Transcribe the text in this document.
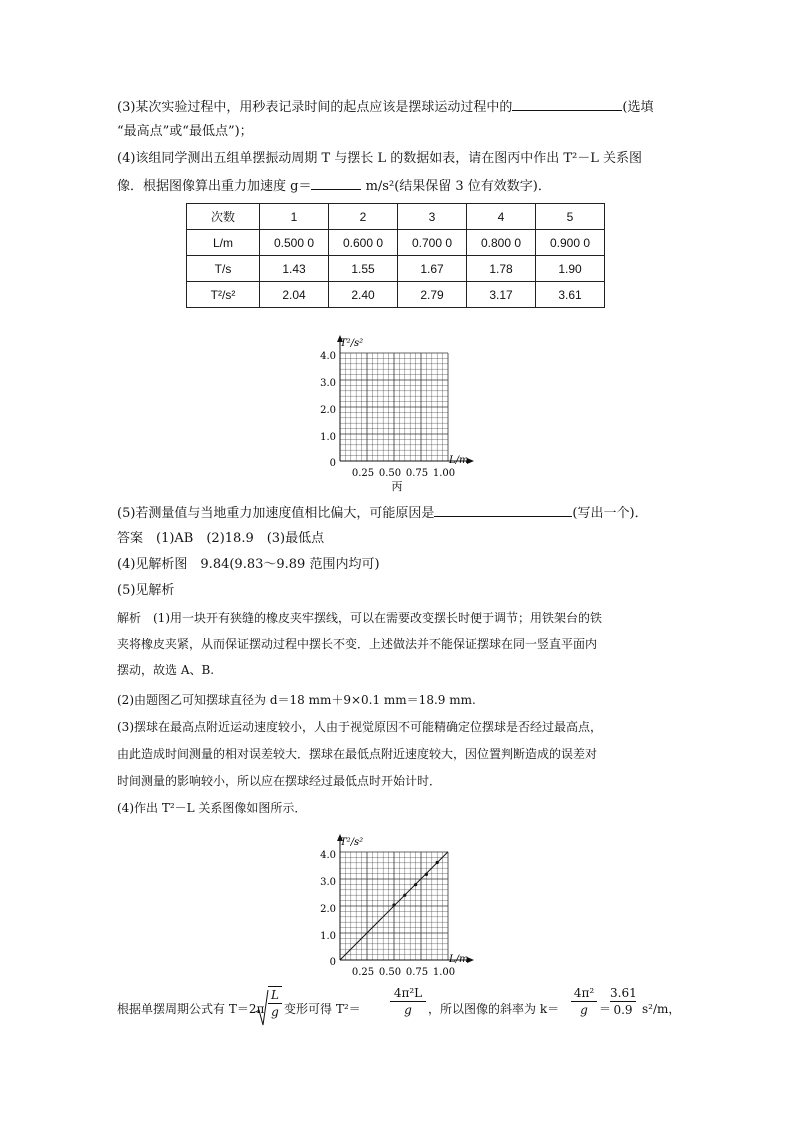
(3)某次实验过程中，用秒表记录时间的起点应该是摆球运动过程中的	(选填
“最高点”或“最低点”)；
(4)该组同学测出五组单摆振动周期 T 与摆长 L 的数据如表，请在图丙中作出 T²－L 关系图
像．根据图像算出重力加速度 g＝	m/s²(结果保留 3 位有效数字)．
次数	1	2	3	4	5
L/m	0.500 0	0.600 0	0.700 0	0.800 0	0.900 0
T/s	1.43	1.55	1.67	1.78	1.90
T²/s²	2.04	2.40	2.79	3.17	3.61
T²/s²
L/m
4.0
3.0
2.0
1.0
0
0.25 0.50 0.75 1.00
丙
(5)若测量值与当地重力加速度值相比偏大，可能原因是	(写出一个)．
答案　(1)AB　(2)18.9　(3)最低点
(4)见解析图　9.84(9.83～9.89 范围内均可)
(5)见解析
解析　(1)用一块开有狭缝的橡皮夹牢摆线，可以在需要改变摆长时便于调节；用铁架台的铁
夹将橡皮夹紧，从而保证摆动过程中摆长不变．上述做法并不能保证摆球在同一竖直平面内
摆动，故选 A、B.
(2)由题图乙可知摆球直径为 d＝18 mm＋9×0.1 mm＝18.9 mm.
(3)摆球在最高点附近运动速度较小，人由于视觉原因不可能精确定位摆球是否经过最高点，
由此造成时间测量的相对误差较大．摆球在最低点附近速度较大，因位置判断造成的误差对
时间测量的影响较小，所以应在摆球经过最低点时开始计时．
(4)作出 T²－L 关系图像如图所示．
T²/s²
L/m
4.0
3.0
2.0
1.0
0
0.25 0.50 0.75 1.00
根据单摆周期公式有 T＝2π
L
g 变形可得 T²＝
4π²L
g	，所以图像的斜率为 k＝
4π²
g ＝
3.61
0.9 s²/m，
